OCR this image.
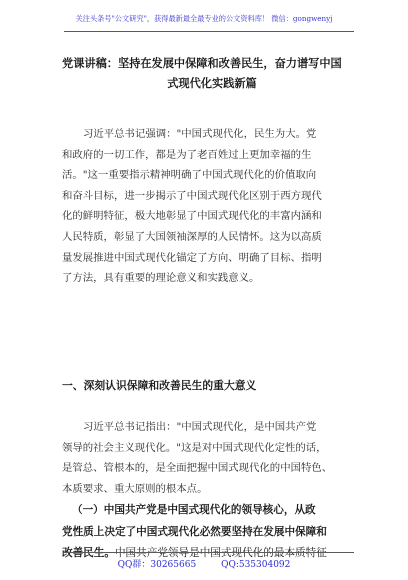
关注头条号"公文研究"，获得最新最全最专业的公文资料库！ 微信：gongwenyj
党课讲稿：坚持在发展中保障和改善民生，奋力谱写中国
式现代化实践新篇
习近平总书记强调："中国式现代化，民生为大。党
和政府的一切工作，都是为了老百姓过上更加幸福的生
活。"这一重要指示精神明确了中国式现代化的价值取向
和奋斗目标，进一步揭示了中国式现代化区别于西方现代
化的鲜明特征，极大地彰显了中国式现代化的丰富内涵和
人民特质，彰显了大国领袖深厚的人民情怀。这为以高质
量发展推进中国式现代化锚定了方向、明确了目标、指明
了方法，具有重要的理论意义和实践意义。
一、深刻认识保障和改善民生的重大意义
习近平总书记指出："中国式现代化，是中国共产党
领导的社会主义现代化。"这是对中国式现代化定性的话，
是管总、管根本的，是全面把握中国式现代化的中国特色、
本质要求、重大原则的根本点。
（一）中国共产党是中国式现代化的领导核心，从政
党性质上决定了中国式现代化必然要坚持在发展中保障和
改善民生。中国共产党领导是中国式现代化的最本质特征
QQ群：30265665	QQ:535304092
